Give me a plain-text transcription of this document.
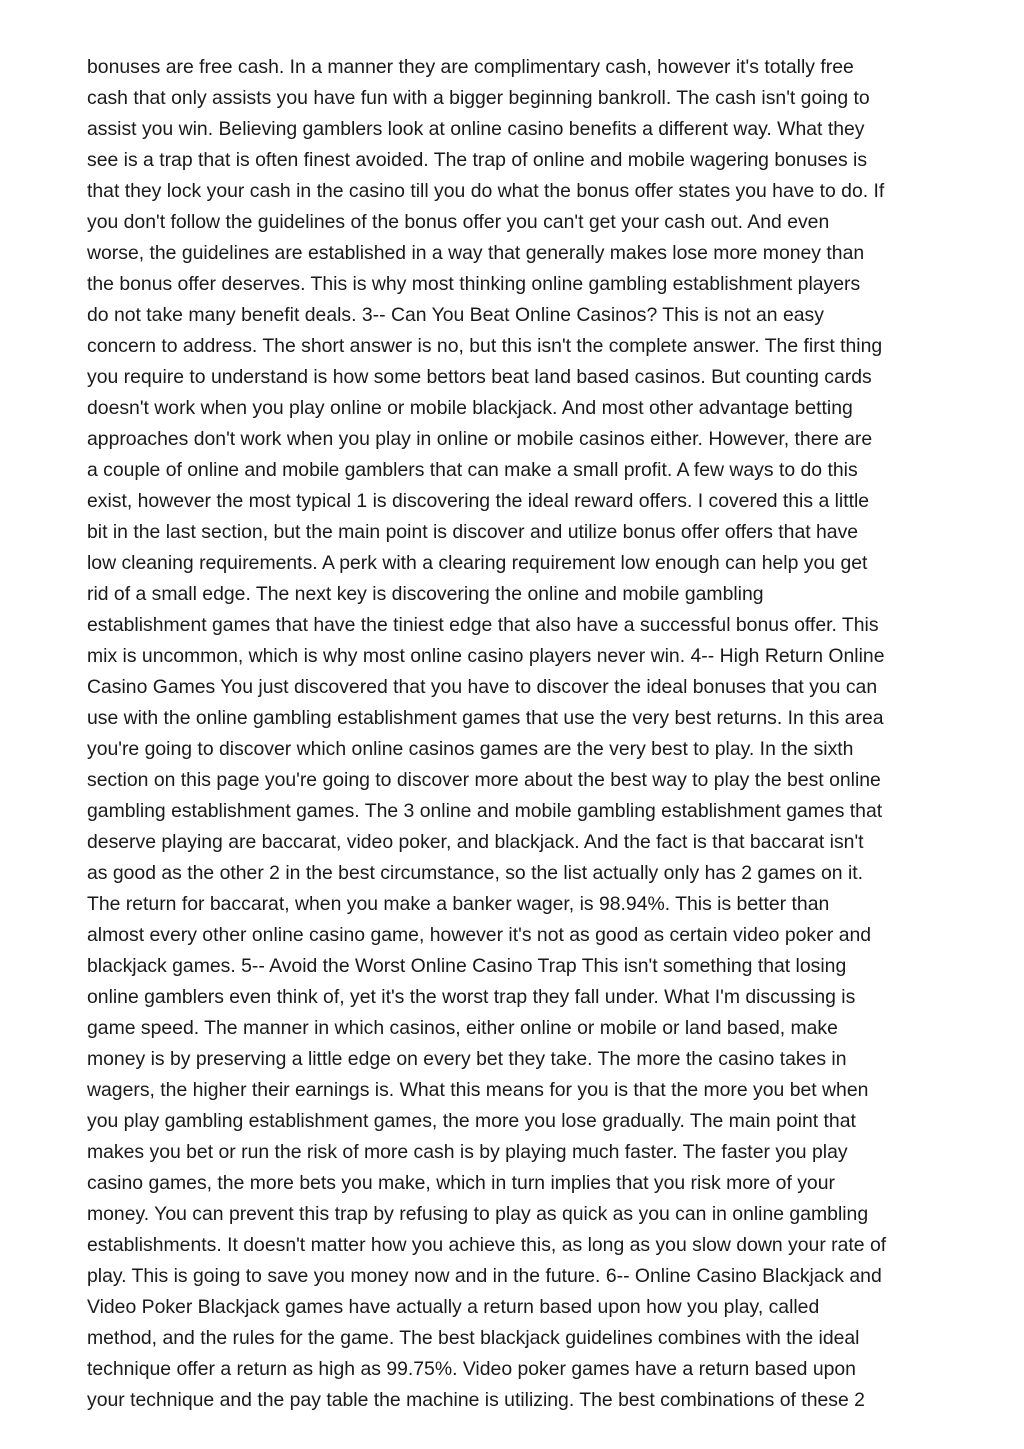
bonuses are free cash. In a manner they are complimentary cash, however it's totally free
cash that only assists you have fun with a bigger beginning bankroll. The cash isn't going to
assist you win. Believing gamblers look at online casino benefits a different way. What they
see is a trap that is often finest avoided. The trap of online and mobile wagering bonuses is
that they lock your cash in the casino till you do what the bonus offer states you have to do. If
you don't follow the guidelines of the bonus offer you can't get your cash out. And even
worse, the guidelines are established in a way that generally makes lose more money than
the bonus offer deserves. This is why most thinking online gambling establishment players
do not take many benefit deals. 3-- Can You Beat Online Casinos? This is not an easy
concern to address. The short answer is no, but this isn't the complete answer. The first thing
you require to understand is how some bettors beat land based casinos. But counting cards
doesn't work when you play online or mobile blackjack. And most other advantage betting
approaches don't work when you play in online or mobile casinos either. However, there are
a couple of online and mobile gamblers that can make a small profit. A few ways to do this
exist, however the most typical 1 is discovering the ideal reward offers. I covered this a little
bit in the last section, but the main point is discover and utilize bonus offer offers that have
low cleaning requirements. A perk with a clearing requirement low enough can help you get
rid of a small edge. The next key is discovering the online and mobile gambling
establishment games that have the tiniest edge that also have a successful bonus offer. This
mix is uncommon, which is why most online casino players never win. 4-- High Return Online
Casino Games You just discovered that you have to discover the ideal bonuses that you can
use with the online gambling establishment games that use the very best returns. In this area
you're going to discover which online casinos games are the very best to play. In the sixth
section on this page you're going to discover more about the best way to play the best online
gambling establishment games. The 3 online and mobile gambling establishment games that
deserve playing are baccarat, video poker, and blackjack. And the fact is that baccarat isn't
as good as the other 2 in the best circumstance, so the list actually only has 2 games on it.
The return for baccarat, when you make a banker wager, is 98.94%. This is better than
almost every other online casino game, however it's not as good as certain video poker and
blackjack games. 5-- Avoid the Worst Online Casino Trap This isn't something that losing
online gamblers even think of, yet it's the worst trap they fall under. What I'm discussing is
game speed. The manner in which casinos, either online or mobile or land based, make
money is by preserving a little edge on every bet they take. The more the casino takes in
wagers, the higher their earnings is. What this means for you is that the more you bet when
you play gambling establishment games, the more you lose gradually. The main point that
makes you bet or run the risk of more cash is by playing much faster. The faster you play
casino games, the more bets you make, which in turn implies that you risk more of your
money. You can prevent this trap by refusing to play as quick as you can in online gambling
establishments. It doesn't matter how you achieve this, as long as you slow down your rate of
play. This is going to save you money now and in the future. 6-- Online Casino Blackjack and
Video Poker Blackjack games have actually a return based upon how you play, called
method, and the rules for the game. The best blackjack guidelines combines with the ideal
technique offer a return as high as 99.75%. Video poker games have a return based upon
your technique and the pay table the machine is utilizing. The best combinations of these 2
